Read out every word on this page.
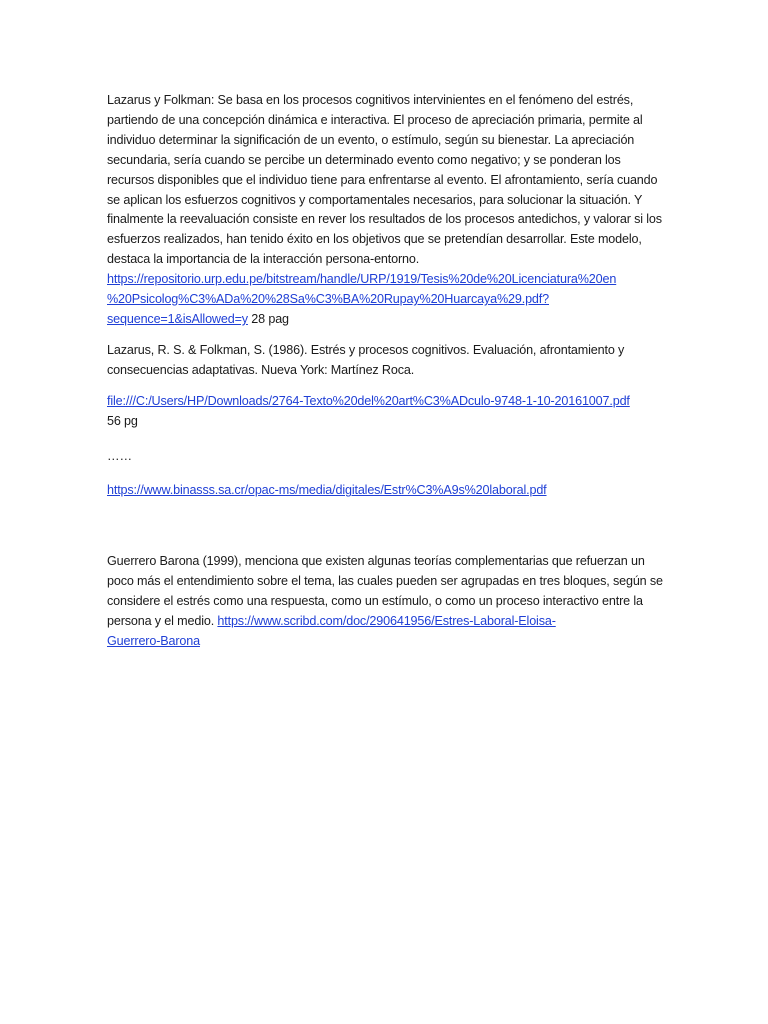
Lazarus y Folkman: Se basa en los procesos cognitivos intervinientes en el fenómeno del estrés, partiendo de una concepción dinámica e interactiva. El proceso de apreciación primaria, permite al individuo determinar la significación de un evento, o estímulo, según su bienestar. La apreciación secundaria, sería cuando se percibe un determinado evento como negativo; y se ponderan los recursos disponibles que el individuo tiene para enfrentarse al evento. El afrontamiento, sería cuando se aplican los esfuerzos cognitivos y comportamentales necesarios, para solucionar la situación. Y finalmente la reevaluación consiste en rever los resultados de los procesos antedichos, y valorar si los esfuerzos realizados, han tenido éxito en los objetivos que se pretendían desarrollar. Este modelo, destaca la importancia de la interacción persona-entorno.
https://repositorio.urp.edu.pe/bitstream/handle/URP/1919/Tesis%20de%20Licenciatura%20en
%20Psicolog%C3%ADa%20%28Sa%C3%BA%20Rupay%20Huarcaya%29.pdf?
sequence=1&isAllowed=y 28 pag

Lazarus, R. S. & Folkman, S. (1986). Estrés y procesos cognitivos. Evaluación, afrontamiento y consecuencias adaptativas. Nueva York: Martínez Roca.

file:///C:/Users/HP/Downloads/2764-Texto%20del%20art%C3%ADculo-9748-1-10-20161007.pdf
56 pg

……

https://www.binasss.sa.cr/opac-ms/media/digitales/Estr%C3%A9s%20laboral.pdf

Guerrero Barona (1999), menciona que existen algunas teorías complementarias que refuerzan un poco más el entendimiento sobre el tema, las cuales pueden ser agrupadas en tres bloques, según se considere el estrés como una respuesta, como un estímulo, o como un proceso interactivo entre la persona y el medio. https://www.scribd.com/doc/290641956/Estres-Laboral-Eloisa-
Guerrero-Barona
